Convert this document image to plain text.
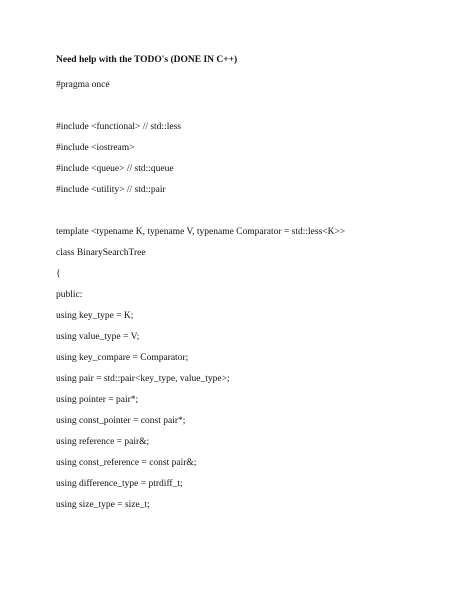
Need help with the TODO's (DONE IN C++)
#pragma once
#include <functional> // std::less
#include <iostream>
#include <queue> // std::queue
#include <utility> // std::pair
template <typename K, typename V, typename Comparator = std::less<K>>
class BinarySearchTree
{
public:
using key_type = K;
using value_type = V;
using key_compare = Comparator;
using pair = std::pair<key_type, value_type>;
using pointer = pair*;
using const_pointer = const pair*;
using reference = pair&;
using const_reference = const pair&;
using difference_type = ptrdiff_t;
using size_type = size_t;
